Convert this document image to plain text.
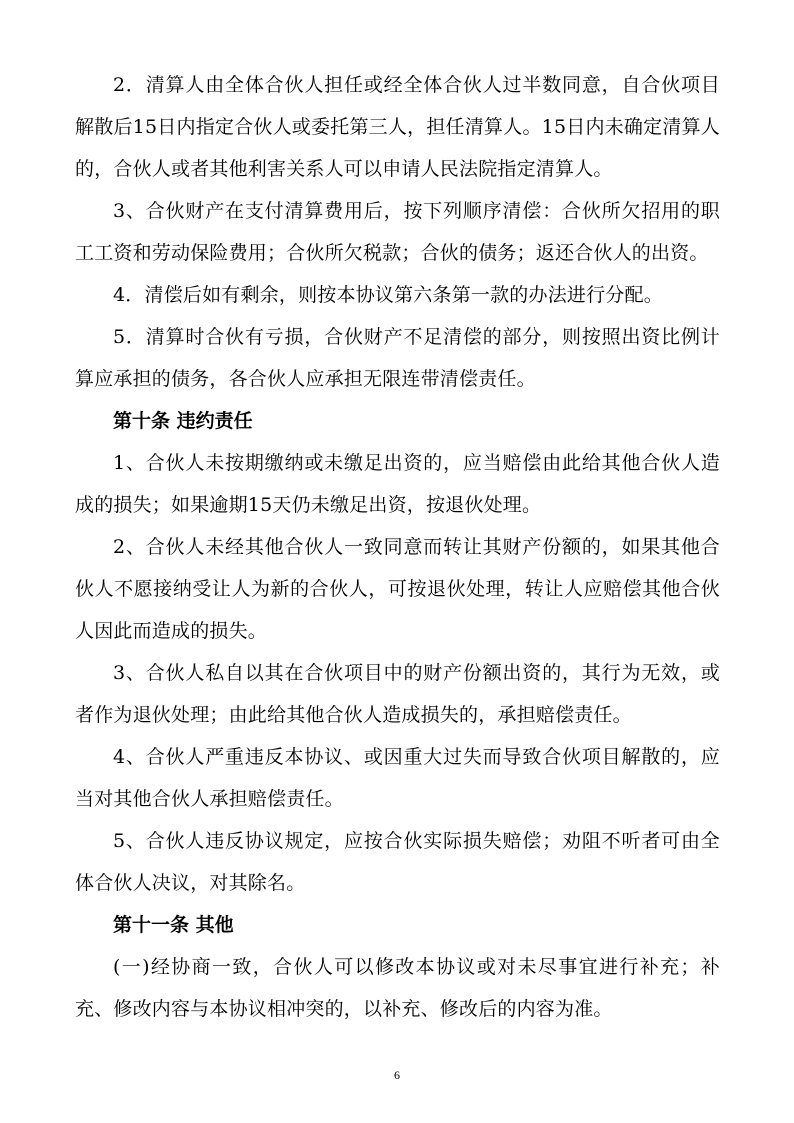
2．清算人由全体合伙人担任或经全体合伙人过半数同意，自合伙项目解散后15日内指定合伙人或委托第三人，担任清算人。15日内未确定清算人的，合伙人或者其他利害关系人可以申请人民法院指定清算人。

3、合伙财产在支付清算费用后，按下列顺序清偿：合伙所欠招用的职工工资和劳动保险费用；合伙所欠税款；合伙的债务；返还合伙人的出资。

4．清偿后如有剩余，则按本协议第六条第一款的办法进行分配。

5．清算时合伙有亏损，合伙财产不足清偿的部分，则按照出资比例计算应承担的债务，各合伙人应承担无限连带清偿责任。

第十条 违约责任

1、合伙人未按期缴纳或未缴足出资的，应当赔偿由此给其他合伙人造成的损失；如果逾期15天仍未缴足出资，按退伙处理。

2、合伙人未经其他合伙人一致同意而转让其财产份额的，如果其他合伙人不愿接纳受让人为新的合伙人，可按退伙处理，转让人应赔偿其他合伙人因此而造成的损失。

3、合伙人私自以其在合伙项目中的财产份额出资的，其行为无效，或者作为退伙处理；由此给其他合伙人造成损失的，承担赔偿责任。

4、合伙人严重违反本协议、或因重大过失而导致合伙项目解散的，应当对其他合伙人承担赔偿责任。

5、合伙人违反协议规定，应按合伙实际损失赔偿；劝阻不听者可由全体合伙人决议，对其除名。

第十一条 其他

(一)经协商一致，合伙人可以修改本协议或对未尽事宜进行补充；补充、修改内容与本协议相冲突的，以补充、修改后的内容为准。

6
